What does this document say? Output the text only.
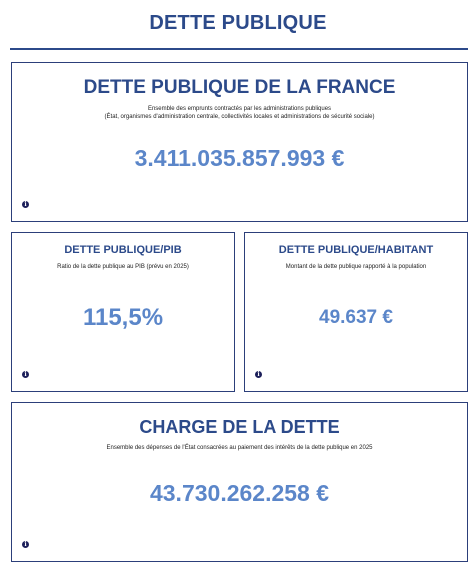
DETTE PUBLIQUE
DETTE PUBLIQUE DE LA FRANCE
Ensemble des emprunts contractés par les administrations publiques
(État, organismes d'administration centrale, collectivités locales et administrations de sécurité sociale)
3.411.035.857.993 €
i
DETTE PUBLIQUE/PIB
Ratio de la dette publique au PIB (prévu en 2025)
115,5%
i
DETTE PUBLIQUE/HABITANT
Montant de la dette publique rapporté à la population
49.637 €
i
CHARGE DE LA DETTE
Ensemble des dépenses de l'État consacrées au paiement des intérêts de la dette publique en 2025
43.730.262.258 €
i
